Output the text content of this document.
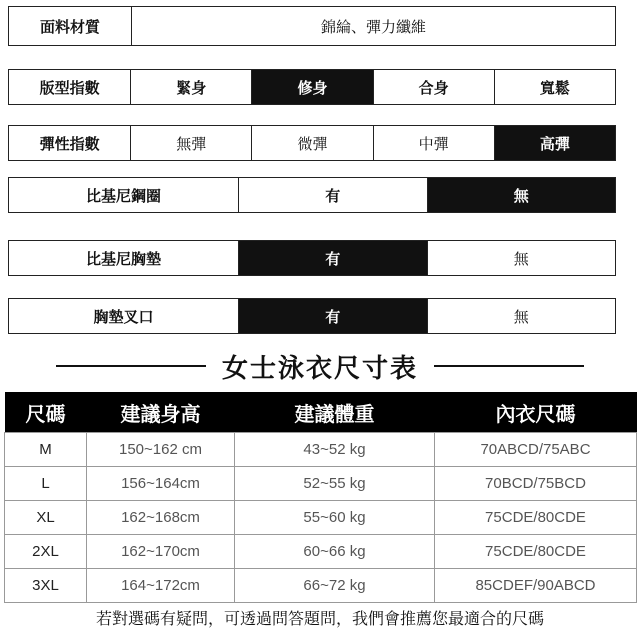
面料材質	錦綸、彈力纖維
版型指數	緊身	修身	合身	寬鬆
彈性指數	無彈	微彈	中彈	高彈
比基尼鋼圈	有	無
比基尼胸墊	有	無
胸墊叉口	有	無
女士泳衣尺寸表
尺碼	建議身高	建議體重	內衣尺碼
M	150~162 cm	43~52 kg	70ABCD/75ABC
L	156~164cm	52~55 kg	70BCD/75BCD
XL	162~168cm	55~60 kg	75CDE/80CDE
2XL	162~170cm	60~66 kg	75CDE/80CDE
3XL	164~172cm	66~72 kg	85CDEF/90ABCD
若對選碼有疑問，可透過問答題問，我們會推薦您最適合的尺碼
